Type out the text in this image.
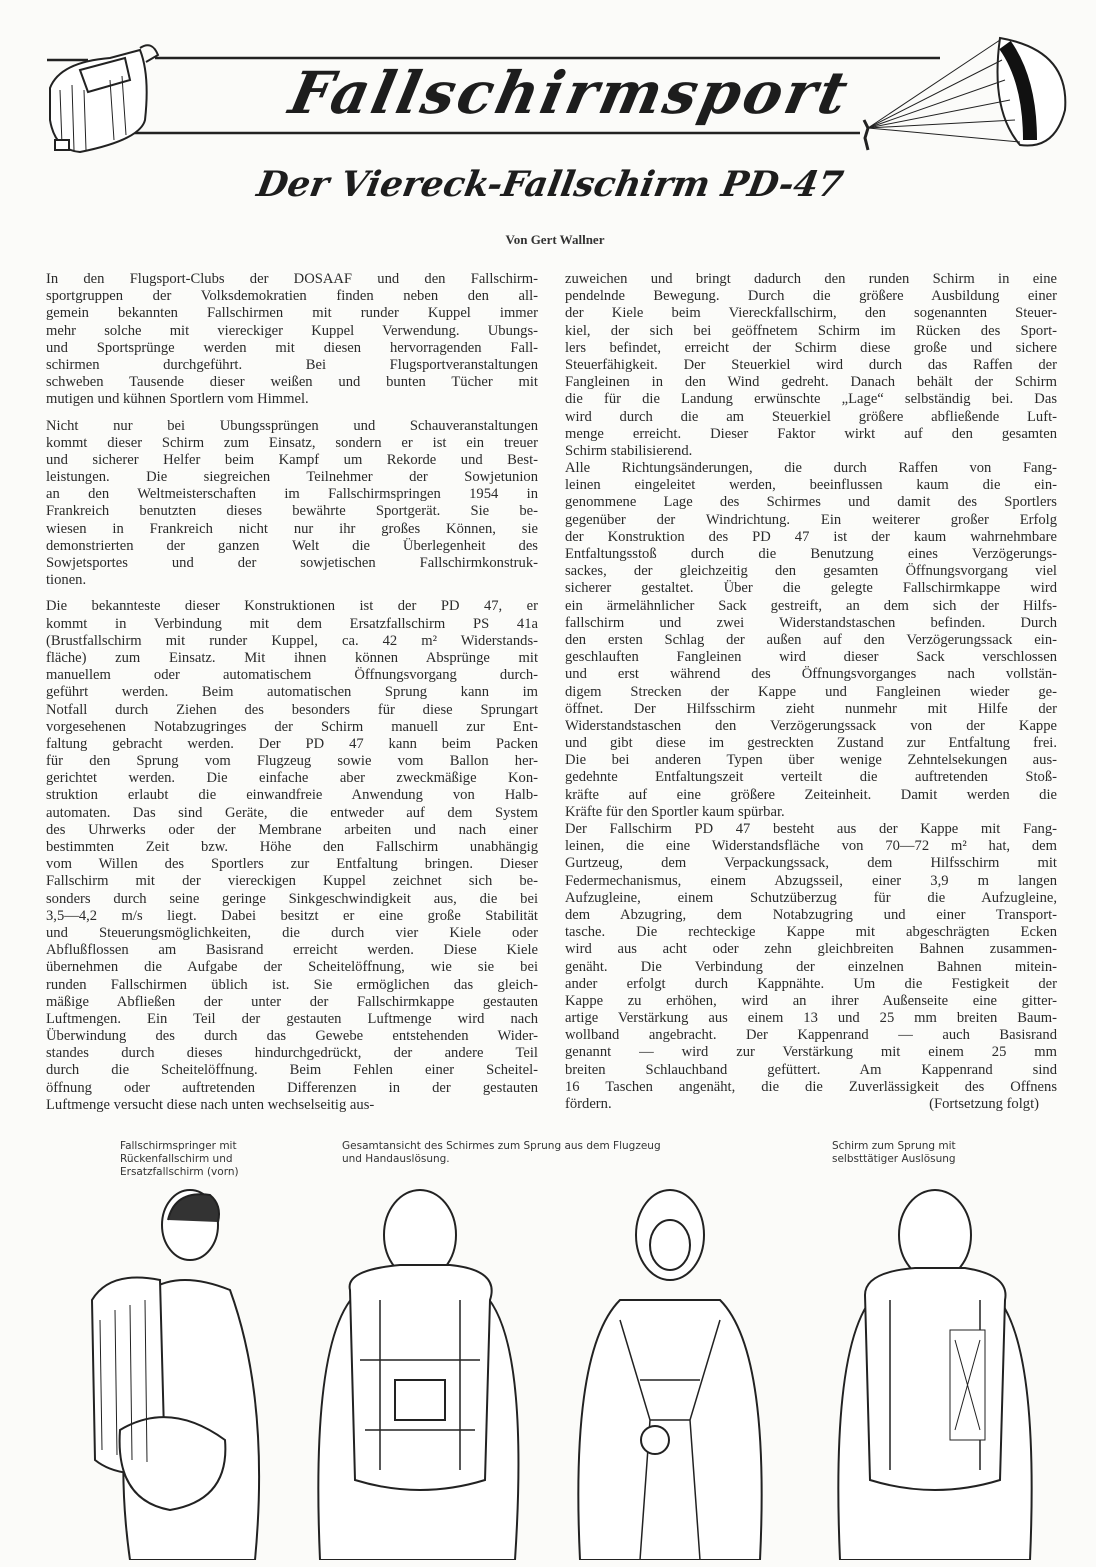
Fallschirmsport
Der Viereck-Fallschirm PD-47
Von Gert Wallner
In den Flugsport-Clubs der DOSAAF und den Fallschirm-
sportgruppen der Volksdemokratien finden neben den all-
gemein bekannten Fallschirmen mit runder Kuppel immer
mehr solche mit viereckiger Kuppel Verwendung. Ubungs-
und Sportsprünge werden mit diesen hervorragenden Fall-
schirmen durchgeführt. Bei Flugsportveranstaltungen
schweben Tausende dieser weißen und bunten Tücher mit
mutigen und kühnen Sportlern vom Himmel.
Nicht nur bei Ubungssprüngen und Schauveranstaltungen
kommt dieser Schirm zum Einsatz, sondern er ist ein treuer
und sicherer Helfer beim Kampf um Rekorde und Best-
leistungen. Die siegreichen Teilnehmer der Sowjetunion
an den Weltmeisterschaften im Fallschirmspringen 1954 in
Frankreich benutzten dieses bewährte Sportgerät. Sie be-
wiesen in Frankreich nicht nur ihr großes Können, sie
demonstrierten der ganzen Welt die Überlegenheit des
Sowjetsportes und der sowjetischen Fallschirmkonstruk-
tionen.
Die bekannteste dieser Konstruktionen ist der PD 47, er
kommt in Verbindung mit dem Ersatzfallschirm PS 41a
(Brustfallschirm mit runder Kuppel, ca. 42 m² Widerstands-
fläche) zum Einsatz. Mit ihnen können Absprünge mit
manuellem oder automatischem Öffnungsvorgang durch-
geführt werden. Beim automatischen Sprung kann im
Notfall durch Ziehen des besonders für diese Sprungart
vorgesehenen Notabzugringes der Schirm manuell zur Ent-
faltung gebracht werden. Der PD 47 kann beim Packen
für den Sprung vom Flugzeug sowie vom Ballon her-
gerichtet werden. Die einfache aber zweckmäßige Kon-
struktion erlaubt die einwandfreie Anwendung von Halb-
automaten. Das sind Geräte, die entweder auf dem System
des Uhrwerks oder der Membrane arbeiten und nach einer
bestimmten Zeit bzw. Höhe den Fallschirm unabhängig
vom Willen des Sportlers zur Entfaltung bringen. Dieser
Fallschirm mit der viereckigen Kuppel zeichnet sich be-
sonders durch seine geringe Sinkgeschwindigkeit aus, die bei
3,5—4,2 m/s liegt. Dabei besitzt er eine große Stabilität
und Steuerungsmöglichkeiten, die durch vier Kiele oder
Abflußflossen am Basisrand erreicht werden. Diese Kiele
übernehmen die Aufgabe der Scheitelöffnung, wie sie bei
runden Fallschirmen üblich ist. Sie ermöglichen das gleich-
mäßige Abfließen der unter der Fallschirmkappe gestauten
Luftmengen. Ein Teil der gestauten Luftmenge wird nach
Überwindung des durch das Gewebe entstehenden Wider-
standes durch dieses hindurchgedrückt, der andere Teil
durch die Scheitelöffnung. Beim Fehlen einer Scheitel-
öffnung oder auftretenden Differenzen in der gestauten
Luftmenge versucht diese nach unten wechselseitig aus-
zuweichen und bringt dadurch den runden Schirm in eine
pendelnde Bewegung. Durch die größere Ausbildung einer
der Kiele beim Viereckfallschirm, den sogenannten Steuer-
kiel, der sich bei geöffnetem Schirm im Rücken des Sport-
lers befindet, erreicht der Schirm diese große und sichere
Steuerfähigkeit. Der Steuerkiel wird durch das Raffen der
Fangleinen in den Wind gedreht. Danach behält der Schirm
die für die Landung erwünschte „Lage“ selbständig bei. Das
wird durch die am Steuerkiel größere abfließende Luft-
menge erreicht. Dieser Faktor wirkt auf den gesamten
Schirm stabilisierend.
Alle Richtungsänderungen, die durch Raffen von Fang-
leinen eingeleitet werden, beeinflussen kaum die ein-
genommene Lage des Schirmes und damit des Sportlers
gegenüber der Windrichtung. Ein weiterer großer Erfolg
der Konstruktion des PD 47 ist der kaum wahrnehmbare
Entfaltungsstoß durch die Benutzung eines Verzögerungs-
sackes, der gleichzeitig den gesamten Öffnungsvorgang viel
sicherer gestaltet. Über die gelegte Fallschirmkappe wird
ein ärmelähnlicher Sack gestreift, an dem sich der Hilfs-
fallschirm und zwei Widerstandstaschen befinden. Durch
den ersten Schlag der außen auf den Verzögerungssack ein-
geschlauften Fangleinen wird dieser Sack verschlossen
und erst während des Öffnungsvorganges nach vollstän-
digem Strecken der Kappe und Fangleinen wieder ge-
öffnet. Der Hilfsschirm zieht nunmehr mit Hilfe der
Widerstandstaschen den Verzögerungssack von der Kappe
und gibt diese im gestreckten Zustand zur Entfaltung frei.
Die bei anderen Typen über wenige Zehntelsekungen aus-
gedehnte Entfaltungszeit verteilt die auftretenden Stoß-
kräfte auf eine größere Zeiteinheit. Damit werden die
Kräfte für den Sportler kaum spürbar.
Der Fallschirm PD 47 besteht aus der Kappe mit Fang-
leinen, die eine Widerstandsfläche von 70—72 m² hat, dem
Gurtzeug, dem Verpackungssack, dem Hilfsschirm mit
Federmechanismus, einem Abzugsseil, einer 3,9 m langen
Aufzugleine, einem Schutzüberzug für die Aufzugleine,
dem Abzugring, dem Notabzugring und einer Transport-
tasche. Die rechteckige Kappe mit abgeschrägten Ecken
wird aus acht oder zehn gleichbreiten Bahnen zusammen-
genäht. Die Verbindung der einzelnen Bahnen mitein-
ander erfolgt durch Kappnähte. Um die Festigkeit der
Kappe zu erhöhen, wird an ihrer Außenseite eine gitter-
artige Verstärkung aus einem 13 und 25 mm breiten Baum-
wollband angebracht. Der Kappenrand — auch Basisrand
genannt — wird zur Verstärkung mit einem 25 mm
breiten Schlauchband gefüttert. Am Kappenrand sind
16 Taschen angenäht, die die Zuverlässigkeit des Offnens
fördern.	(Fortsetzung folgt)
Fallschirmspringer mit
Rückenfallschirm und
Ersatzfallschirm (vorn)
Gesamtansicht des Schirmes zum Sprung aus dem Flugzeug
und Handauslösung.
Schirm zum Sprung mit
selbsttätiger Auslösung
